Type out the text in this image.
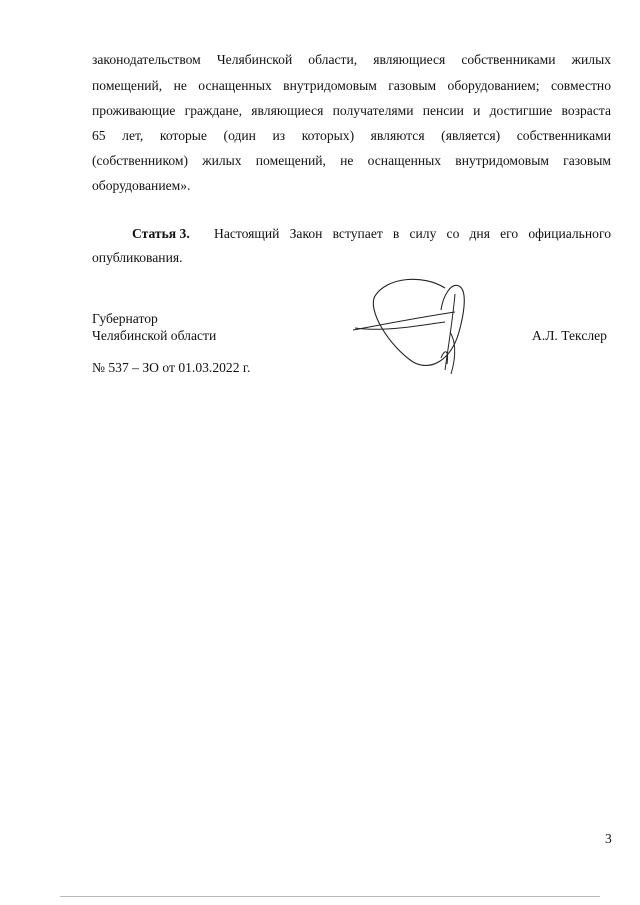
законодательством Челябинской области, являющиеся собственниками жилых
помещений, не оснащенных внутридомовым газовым оборудованием; совместно
проживающие граждане, являющиеся получателями пенсии и достигшие возраста
65 лет, которые (один из которых) являются (является) собственниками
(собственником) жилых помещений, не оснащенных внутридомовым газовым
оборудованием».
Статья 3. Настоящий Закон вступает в силу со дня его официального
опубликования.
Губернатор
Челябинской области	А.Л. Текслер
№ 537 – ЗО от 01.03.2022 г.
3
